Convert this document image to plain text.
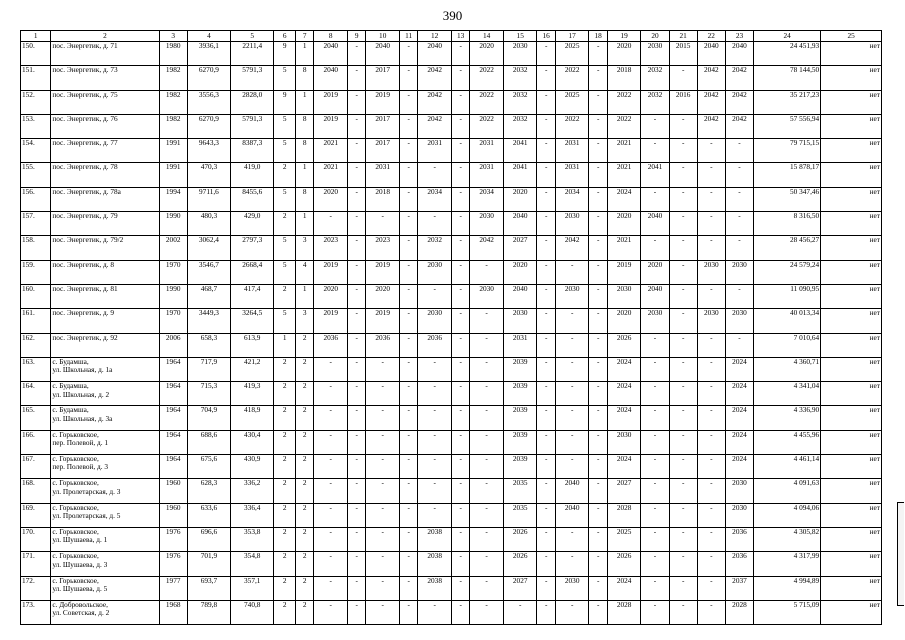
390
1	2	3	4	5	6	7	8	9	10	11	12	13	14	15	16	17	18	19	20	21	22	23	24	25
150.	пос. Энергетик, д. 71	1980	3936,1	2211,4	9	1	2040	-	2040	-	2040	-	2020	2030	-	2025	-	2020	2030	2015	2040	2040	24 451,93	нет
151.	пос. Энергетик, д. 73	1982	6270,9	5791,3	5	8	2040	-	2017	-	2042	-	2022	2032	-	2022	-	2018	2032	-	2042	2042	78 144,50	нет
152.	пос. Энергетик, д. 75	1982	3556,3	2828,0	9	1	2019	-	2019	-	2042	-	2022	2032	-	2025	-	2022	2032	2016	2042	2042	35 217,23	нет
153.	пос. Энергетик, д. 76	1982	6270,9	5791,3	5	8	2019	-	2017	-	2042	-	2022	2032	-	2022	-	2022	-	-	2042	2042	57 556,94	нет
154.	пос. Энергетик, д. 77	1991	9643,3	8387,3	5	8	2021	-	2017	-	2031	-	2031	2041	-	2031	-	2021	-	-	-	-	79 715,15	нет
155.	пос. Энергетик, д. 78	1991	470,3	419,0	2	1	2021	-	2031	-	-	-	2031	2041	-	2031	-	2021	2041	-	-	-	15 878,17	нет
156.	пос. Энергетик, д. 78а	1994	9711,6	8455,6	5	8	2020	-	2018	-	2034	-	2034	2020	-	2034	-	2024	-	-	-	-	50 347,46	нет
157.	пос. Энергетик, д. 79	1990	480,3	429,0	2	1	-	-	-	-	-	-	2030	2040	-	2030	-	2020	2040	-	-	-	8 316,50	нет
158.	пос. Энергетик, д. 79/2	2002	3062,4	2797,3	5	3	2023	-	2023	-	2032	-	2042	2027	-	2042	-	2021	-	-	-	-	28 456,27	нет
159.	пос. Энергетик, д. 8	1970	3546,7	2668,4	5	4	2019	-	2019	-	2030	-	-	2020	-	-	-	2019	2020	-	2030	2030	24 579,24	нет
160.	пос. Энергетик, д. 81	1990	468,7	417,4	2	1	2020	-	2020	-	-	-	2030	2040	-	2030	-	2030	2040	-	-	-	11 090,95	нет
161.	пос. Энергетик, д. 9	1970	3449,3	3264,5	5	3	2019	-	2019	-	2030	-	-	2030	-	-	-	2020	2030	-	2030	2030	40 013,34	нет
162.	пос. Энергетик, д. 92	2006	658,3	613,9	1	2	2036	-	2036	-	2036	-	-	2031	-	-	-	2026	-	-	-	-	7 010,64	нет
163.	с. Будамша,
ул. Школьная, д. 1а	1964	717,9	421,2	2	2	-	-	-	-	-	-	-	2039	-	-	-	2024	-	-	-	2024	4 360,71	нет
164.	с. Будамша,
ул. Школьная, д. 2	1964	715,3	419,3	2	2	-	-	-	-	-	-	-	2039	-	-	-	2024	-	-	-	2024	4 341,04	нет
165.	с. Будамша,
ул. Школьная, д. 3а	1964	704,9	418,9	2	2	-	-	-	-	-	-	-	2039	-	-	-	2024	-	-	-	2024	4 336,90	нет
166.	с. Горьковское,
пер. Полевой, д. 1	1964	688,6	430,4	2	2	-	-	-	-	-	-	-	2039	-	-	-	2030	-	-	-	2024	4 455,96	нет
167.	с. Горьковское,
пер. Полевой, д. 3	1964	675,6	430,9	2	2	-	-	-	-	-	-	-	2039	-	-	-	2024	-	-	-	2024	4 461,14	нет
168.	с. Горьковское,
ул. Пролетарская, д. 3	1960	628,3	336,2	2	2	-	-	-	-	-	-	-	2035	-	2040	-	2027	-	-	-	2030	4 091,63	нет
169.	с. Горьковское,
ул. Пролетарская, д. 5	1960	633,6	336,4	2	2	-	-	-	-	-	-	-	2035	-	2040	-	2028	-	-	-	2030	4 094,06	нет
170.	с. Горьковское,
ул. Шушаева, д. 1	1976	696,6	353,8	2	2	-	-	-	-	2038	-	-	2026	-	-	-	2025	-	-	-	2036	4 305,82	нет
171.	с. Горьковское,
ул. Шушаева, д. 3	1976	701,9	354,8	2	2	-	-	-	-	2038	-	-	2026	-	-	-	2026	-	-	-	2036	4 317,99	нет
172.	с. Горьковское,
ул. Шушаева, д. 5	1977	693,7	357,1	2	2	-	-	-	-	2038	-	-	2027	-	2030	-	2024	-	-	-	2037	4 994,89	нет
173.	с. Добровольское,
ул. Советская, д. 2	1968	789,8	740,8	2	2	-	-	-	-	-	-	-	-	-	-	-	2028	-	-	-	2028	5 715,09	нет
